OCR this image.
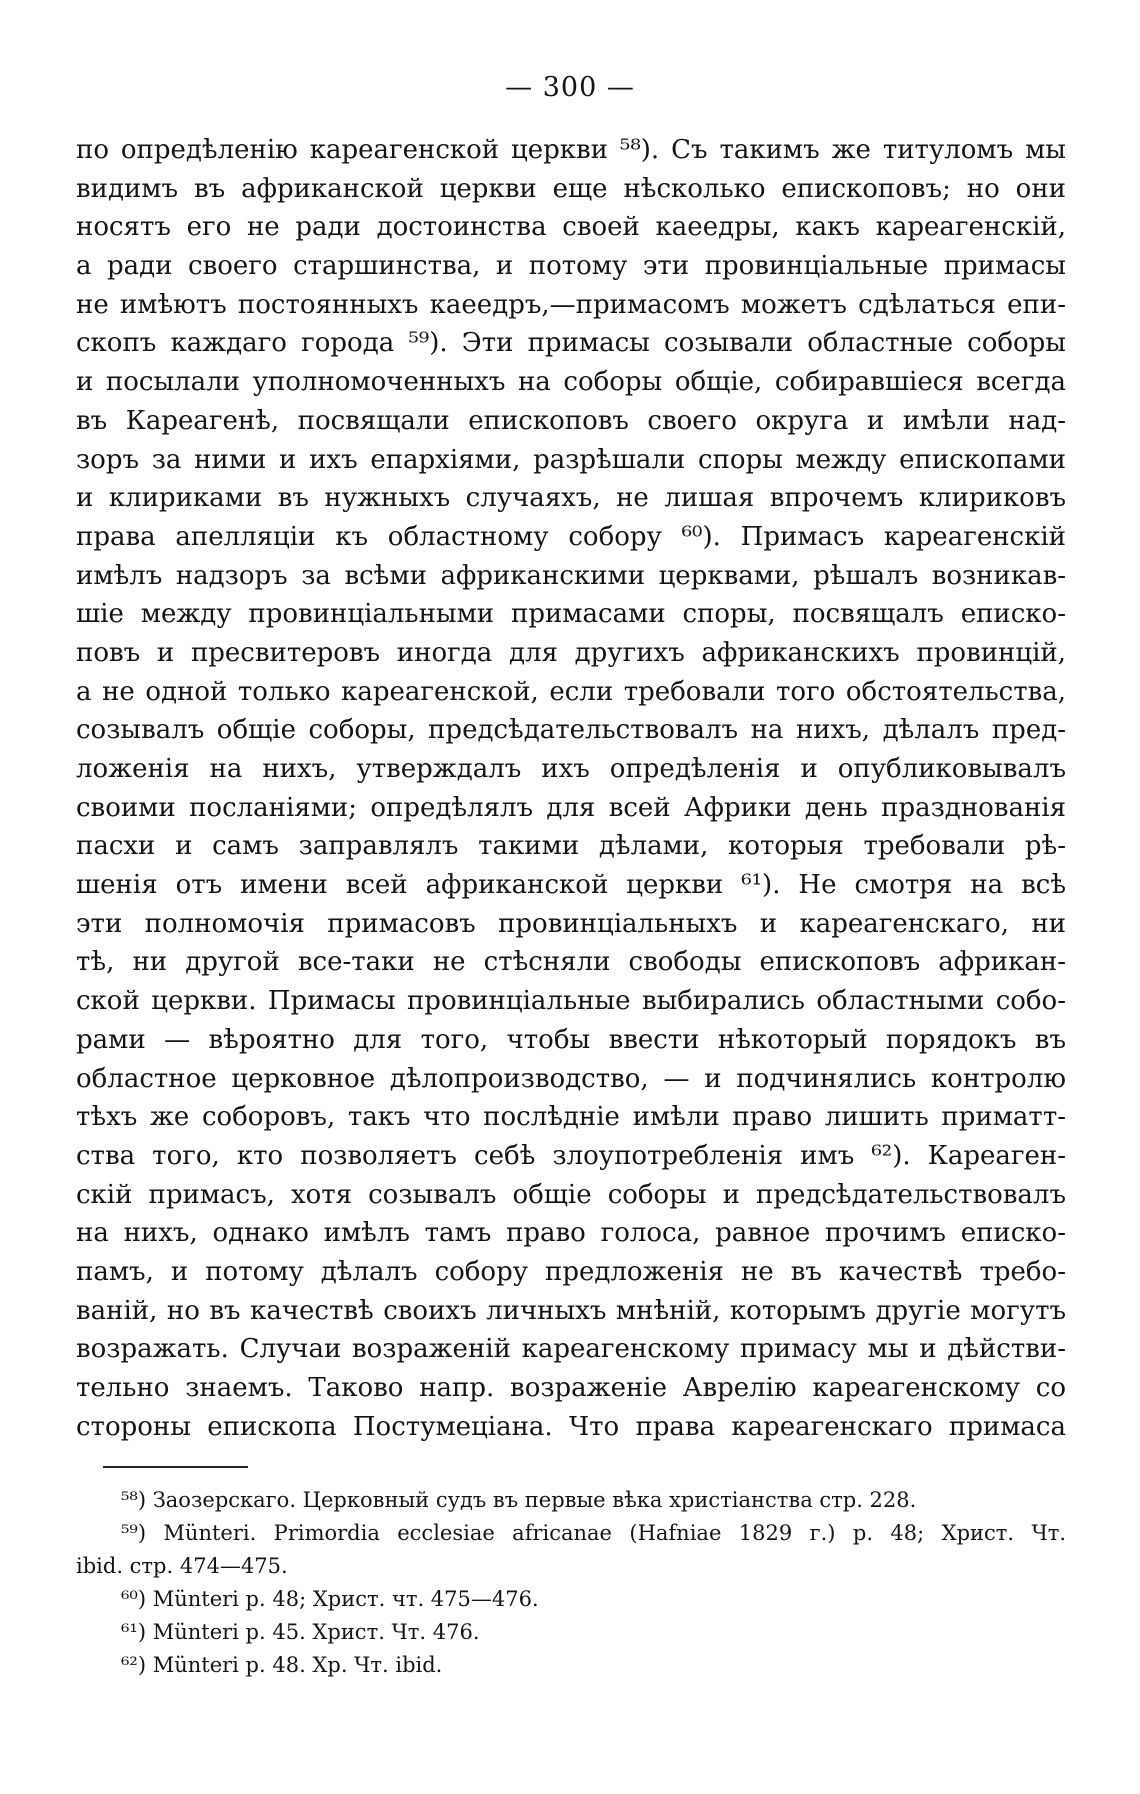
— 300 —
по опредѣленію кареагенской церкви ⁵⁸). Съ такимъ же титуломъ мы
видимъ въ африканской церкви еще нѣсколько епископовъ; но они
носятъ его не ради достоинства своей каеедры, какъ кареагенскій,
а ради своего старшинства, и потому эти провинціальные примасы
не имѣютъ постоянныхъ каеедръ,—примасомъ можетъ сдѣлаться епи-
скопъ каждаго города ⁵⁹). Эти примасы созывали областные соборы
и посылали уполномоченныхъ на соборы общіе, собиравшіеся всегда
въ Кареагенѣ, посвящали епископовъ своего округа и имѣли над-
зоръ за ними и ихъ епархіями, разрѣшали споры между епископами
и клириками въ нужныхъ случаяхъ, не лишая впрочемъ клириковъ
права апелляціи къ областному собору ⁶⁰). Примасъ кареагенскій
имѣлъ надзоръ за всѣми африканскими церквами, рѣшалъ возникав-
шіе между провинціальными примасами споры, посвящалъ еписко-
повъ и пресвитеровъ иногда для другихъ африканскихъ провинцій,
а не одной только кареагенской, если требовали того обстоятельства,
созывалъ общіе соборы, предсѣдательствовалъ на нихъ, дѣлалъ пред-
ложенія на нихъ, утверждалъ ихъ опредѣленія и опубликовывалъ
своими посланіями; опредѣлялъ для всей Африки день празднованія
пасхи и самъ заправлялъ такими дѣлами, которыя требовали рѣ-
шенія отъ имени всей африканской церкви ⁶¹). Не смотря на всѣ
эти полномочія примасовъ провинціальныхъ и кареагенскаго, ни
тѣ, ни другой все-таки не стѣсняли свободы епископовъ африкан-
ской церкви. Примасы провинціальные выбирались областными собо-
рами — вѣроятно для того, чтобы ввести нѣкоторый порядокъ въ
областное церковное дѣлопроизводство, — и подчинялись контролю
тѣхъ же соборовъ, такъ что послѣдніе имѣли право лишить приматт-
ства того, кто позволяетъ себѣ злоупотребленія имъ ⁶²). Кареаген-
скій примасъ, хотя созывалъ общіе соборы и предсѣдательствовалъ
на нихъ, однако имѣлъ тамъ право голоса, равное прочимъ еписко-
памъ, и потому дѣлалъ собору предложенія не въ качествѣ требо-
ваній, но въ качествѣ своихъ личныхъ мнѣній, которымъ другіе могутъ
возражать. Случаи возраженій кареагенскому примасу мы и дѣйстви-
тельно знаемъ. Таково напр. возраженіе Аврелію кареагенскому со
стороны епископа Постумеціана. Что права кареагенскаго примаса
⁵⁸) Заозерскаго. Церковный судъ въ первые вѣка христіанства стр. 228.
⁵⁹) Münteri. Primordia ecclesiae africanae (Hafniae 1829 г.) р. 48; Христ. Чт.
ibid. стр. 474—475.
⁶⁰) Münteri р. 48; Христ. чт. 475—476.
⁶¹) Münteri р. 45. Христ. Чт. 476.
⁶²) Münteri р. 48. Хр. Чт. ibid.
